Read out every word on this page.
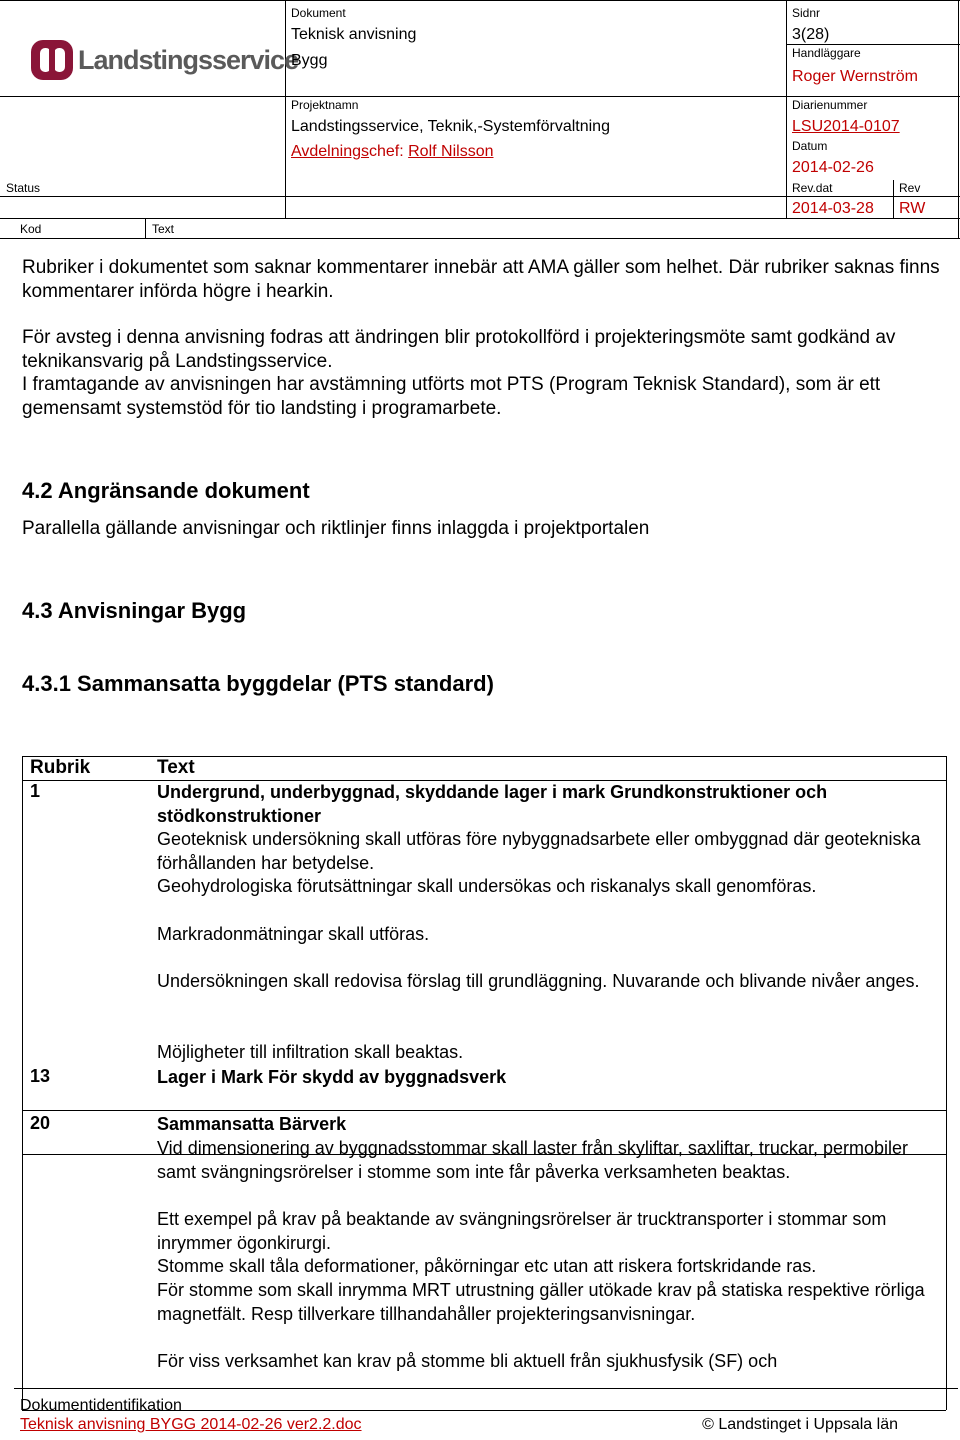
Landstingsservice
Dokument
Teknisk anvisning
Bygg
Sidnr
3(28)
Handläggare
Roger Wernström
Projektnamn
Landstingsservice, Teknik,-Systemförvaltning
Avdelningschef: Rolf Nilsson
Diarienummer
LSU2014-0107
Datum
2014-02-26
Status	Rev.dat
2014-03-28
Rev
RW
Kod	Text
Rubriker i dokumentet som saknar kommentarer innebär att AMA gäller som helhet. Där rubriker saknas finns kommentarer införda högre i hearkin.
För avsteg i denna anvisning fodras att ändringen blir protokollförd i projekteringsmöte samt godkänd av teknikansvarig på Landstingsservice.
I framtagande av anvisningen har avstämning utförts mot PTS (Program Teknisk Standard), som är ett gemensamt systemstöd för tio landsting i programarbete.
4.2 Angränsande dokument
Parallella gällande anvisningar och riktlinjer finns inlaggda i projektportalen
4.3 Anvisningar Bygg
4.3.1 Sammansatta byggdelar (PTS standard)
Rubrik	Text
1	Undergrund, underbyggnad, skyddande lager i mark Grundkonstruktioner och stödkonstruktioner
Geoteknisk undersökning skall utföras före nybyggnadsarbete eller ombyggnad där geotekniska förhållanden har betydelse.
Geohydrologiska förutsättningar skall undersökas och riskanalys skall genomföras.
Markradonmätningar skall utföras.
Undersökningen skall redovisa förslag till grundläggning. Nuvarande och blivande nivåer anges.
Möjligheter till infiltration skall beaktas.
13	Lager i Mark För skydd av byggnadsverk
20	Sammansatta Bärverk
Vid dimensionering av byggnadsstommar skall laster från skyliftar, saxliftar, truckar, permobiler samt svängningsrörelser i stomme som inte får påverka verksamheten beaktas.
Ett exempel på krav på beaktande av svängningsrörelser är trucktransporter i stommar som inrymmer ögonkirurgi.
Stomme skall tåla deformationer, påkörningar etc utan att riskera fortskridande ras.
För stomme som skall inrymma MRT utrustning gäller utökade krav på statiska respektive rörliga magnetfält. Resp tillverkare tillhandahåller projekteringsanvisningar.
För viss verksamhet kan krav på stomme bli aktuell från sjukhusfysik (SF) och
Dokumentidentifikation
Teknisk anvisning BYGG 2014-02-26 ver2.2.doc	© Landstinget i Uppsala län
